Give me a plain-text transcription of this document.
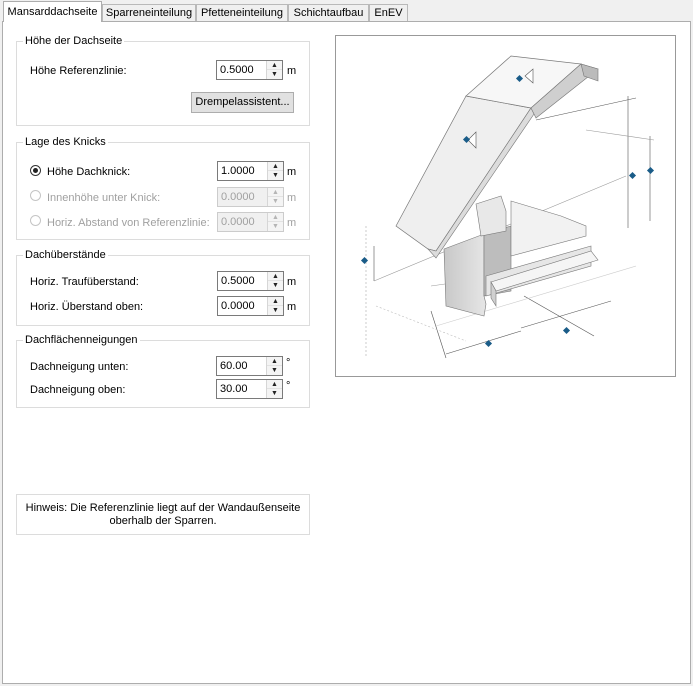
Mansarddachseite Sparreneinteilung Pfetteneinteilung Schichtaufbau	EnEV
Höhe der Dachseite
Höhe Referenzlinie:	0.5000	▲
▼ m
Drempelassistent...
Lage des Knicks
Höhe Dachknick:	1.0000	▲
▼ m
Innenhöhe unter Knick:	0.0000	▲
▼ m
Horiz. Abstand von Referenzlinie: 0.0000	▲
▼ m
Dachüberstände
Horiz. Traufüberstand:	0.5000	▲
▼ m
Horiz. Überstand oben:	0.0000	▲
▼ m
Dachflächenneigungen
Dachneigung unten:	60.00	▲
▼
°
Dachneigung oben:	30.00	▲
▼
°
Hinweis: Die Referenzlinie liegt auf der Wandaußenseite
oberhalb der Sparren.
